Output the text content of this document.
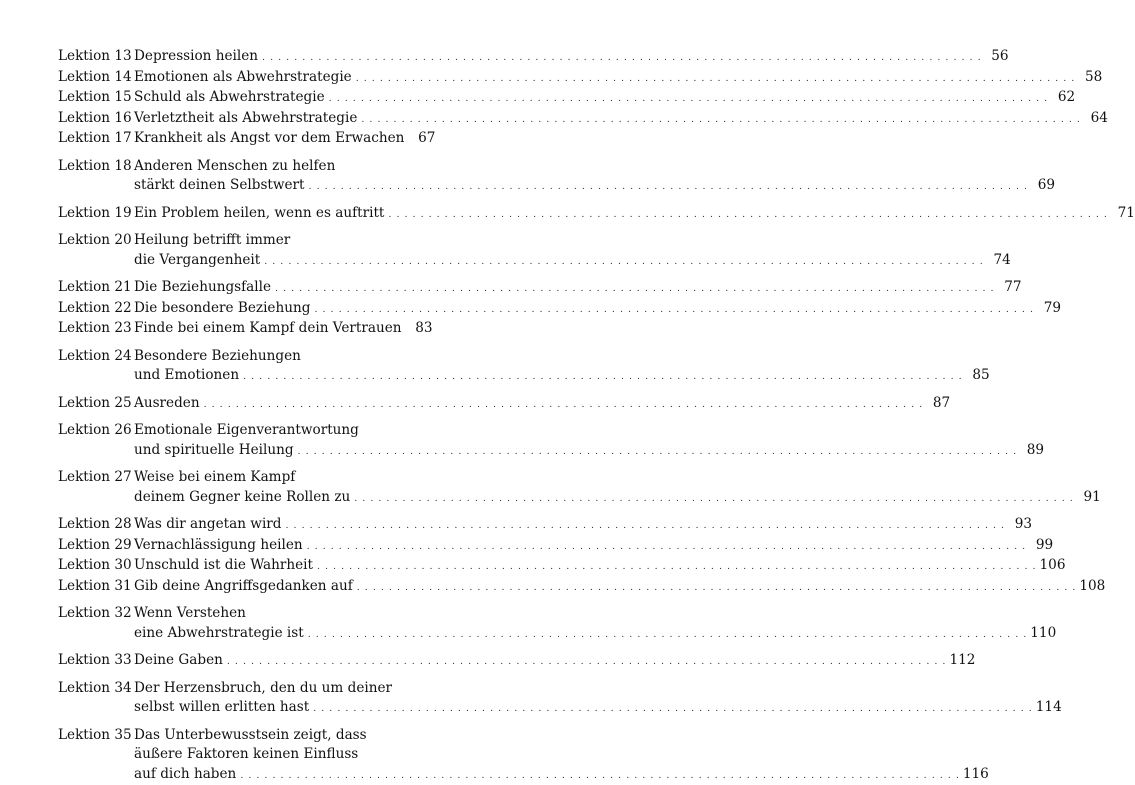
Lektion 13 Depression heilen . . . . . . . . . . . . . . . . . . . . . . . . . . . . . . . . . . . . . . . . . . . . . . . . . . . . . . . . . . . . . . . . . . . . . . . . . . . . . . . . . . . . . . . . . . 56
Lektion 14 Emotionen als Abwehrstrategie . . . . . . . . . . . . . . . . . . . . . . . . . . . . . . . . . . . . . . . . . . . . . . . . . . . . . . . . . . . . . . . . . . . . . . . . . . . . . . . . . . . . . . . . . . 58
Lektion 15 Schuld als Abwehrstrategie . . . . . . . . . . . . . . . . . . . . . . . . . . . . . . . . . . . . . . . . . . . . . . . . . . . . . . . . . . . . . . . . . . . . . . . . . . . . . . . . . . . . . . . . . . 62
Lektion 16 Verletztheit als Abwehrstrategie . . . . . . . . . . . . . . . . . . . . . . . . . . . . . . . . . . . . . . . . . . . . . . . . . . . . . . . . . . . . . . . . . . . . . . . . . . . . . . . . . . . . . . . . . . 64
Lektion 17 Krankheit als Angst vor dem Erwachen	67
Lektion 18 Anderen Menschen zu helfen
stärkt deinen Selbstwert . . . . . . . . . . . . . . . . . . . . . . . . . . . . . . . . . . . . . . . . . . . . . . . . . . . . . . . . . . . . . . . . . . . . . . . . . . . . . . . . . . . . . . . . . . 69
Lektion 19 Ein Problem heilen, wenn es auftritt . . . . . . . . . . . . . . . . . . . . . . . . . . . . . . . . . . . . . . . . . . . . . . . . . . . . . . . . . . . . . . . . . . . . . . . . . . . . . . . . . . . . . . . . . . 71
Lektion 20 Heilung betrifft immer
die Vergangenheit . . . . . . . . . . . . . . . . . . . . . . . . . . . . . . . . . . . . . . . . . . . . . . . . . . . . . . . . . . . . . . . . . . . . . . . . . . . . . . . . . . . . . . . . . . 74
Lektion 21 Die Beziehungsfalle . . . . . . . . . . . . . . . . . . . . . . . . . . . . . . . . . . . . . . . . . . . . . . . . . . . . . . . . . . . . . . . . . . . . . . . . . . . . . . . . . . . . . . . . . . 77
Lektion 22 Die besondere Beziehung . . . . . . . . . . . . . . . . . . . . . . . . . . . . . . . . . . . . . . . . . . . . . . . . . . . . . . . . . . . . . . . . . . . . . . . . . . . . . . . . . . . . . . . . . . 79
Lektion 23 Finde bei einem Kampf dein Vertrauen	83
Lektion 24 Besondere Beziehungen
und Emotionen . . . . . . . . . . . . . . . . . . . . . . . . . . . . . . . . . . . . . . . . . . . . . . . . . . . . . . . . . . . . . . . . . . . . . . . . . . . . . . . . . . . . . . . . . . 85
Lektion 25 Ausreden . . . . . . . . . . . . . . . . . . . . . . . . . . . . . . . . . . . . . . . . . . . . . . . . . . . . . . . . . . . . . . . . . . . . . . . . . . . . . . . . . . . . . . . . . . 87
Lektion 26 Emotionale Eigenverantwortung
und spirituelle Heilung . . . . . . . . . . . . . . . . . . . . . . . . . . . . . . . . . . . . . . . . . . . . . . . . . . . . . . . . . . . . . . . . . . . . . . . . . . . . . . . . . . . . . . . . . . 89
Lektion 27 Weise bei einem Kampf
deinem Gegner keine Rollen zu . . . . . . . . . . . . . . . . . . . . . . . . . . . . . . . . . . . . . . . . . . . . . . . . . . . . . . . . . . . . . . . . . . . . . . . . . . . . . . . . . . . . . . . . . . 91
Lektion 28 Was dir angetan wird . . . . . . . . . . . . . . . . . . . . . . . . . . . . . . . . . . . . . . . . . . . . . . . . . . . . . . . . . . . . . . . . . . . . . . . . . . . . . . . . . . . . . . . . . . 93
Lektion 29 Vernachlässigung heilen . . . . . . . . . . . . . . . . . . . . . . . . . . . . . . . . . . . . . . . . . . . . . . . . . . . . . . . . . . . . . . . . . . . . . . . . . . . . . . . . . . . . . . . . . . 99
Lektion 30 Unschuld ist die Wahrheit . . . . . . . . . . . . . . . . . . . . . . . . . . . . . . . . . . . . . . . . . . . . . . . . . . . . . . . . . . . . . . . . . . . . . . . . . . . . . . . . . . . . . . . . . . 106
Lektion 31 Gib deine Angriffsgedanken auf . . . . . . . . . . . . . . . . . . . . . . . . . . . . . . . . . . . . . . . . . . . . . . . . . . . . . . . . . . . . . . . . . . . . . . . . . . . . . . . . . . . . . . . . . . 108
Lektion 32 Wenn Verstehen
eine Abwehrstrategie ist . . . . . . . . . . . . . . . . . . . . . . . . . . . . . . . . . . . . . . . . . . . . . . . . . . . . . . . . . . . . . . . . . . . . . . . . . . . . . . . . . . . . . . . . . . 110
Lektion 33 Deine Gaben . . . . . . . . . . . . . . . . . . . . . . . . . . . . . . . . . . . . . . . . . . . . . . . . . . . . . . . . . . . . . . . . . . . . . . . . . . . . . . . . . . . . . . . . . . 112
Lektion 34 Der Herzensbruch, den du um deiner
selbst willen erlitten hast . . . . . . . . . . . . . . . . . . . . . . . . . . . . . . . . . . . . . . . . . . . . . . . . . . . . . . . . . . . . . . . . . . . . . . . . . . . . . . . . . . . . . . . . . . 114
Lektion 35 Das Unterbewusstsein zeigt, dass
äußere Faktoren keinen Einfluss
auf dich haben . . . . . . . . . . . . . . . . . . . . . . . . . . . . . . . . . . . . . . . . . . . . . . . . . . . . . . . . . . . . . . . . . . . . . . . . . . . . . . . . . . . . . . . . . . 116
